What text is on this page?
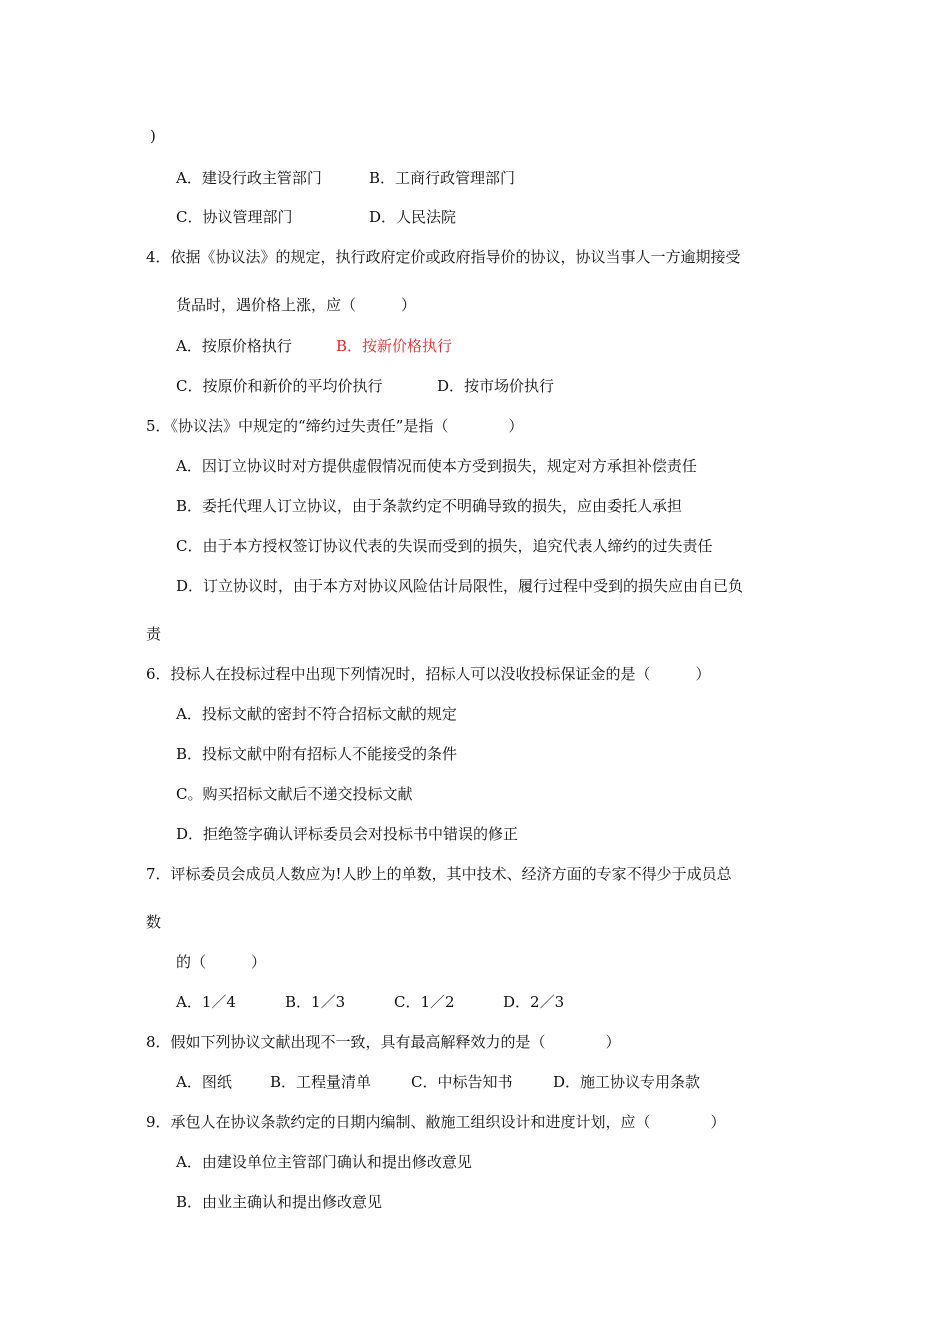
)
A．建设行政主管部门	B．工商行政管理部门
C．协议管理部门	D．人民法院
4．依据《协议法》的规定，执行政府定价或政府指导价的协议，协议当事人一方逾期接受
货品时，遇价格上涨，应（　　　）
A．按原价格执行	B．按新价格执行
C．按原价和新价的平均价执行	D．按市场价执行
5．《协议法》中规定的“缔约过失责任”是指（　　　　）
A．因订立协议时对方提供虚假情况而使本方受到损失，规定对方承担补偿责任
B．委托代理人订立协议，由于条款约定不明确导致的损失，应由委托人承担
C．由于本方授权签订协议代表的失误而受到的损失，追究代表人缔约的过失责任
D．订立协议时，由于本方对协议风险估计局限性，履行过程中受到的损失应由自已负
责
6．投标人在投标过程中出现下列情况时，招标人可以没收投标保证金的是（　　　）
A．投标文献的密封不符合招标文献的规定
B．投标文献中附有招标人不能接受的条件
C。购买招标文献后不递交投标文献
D．拒绝签字确认评标委员会对投标书中错误的修正
7．评标委员会成员人数应为!人眇上的单数，其中技术、经济方面的专家不得少于成员总
数
的（　　　）
A．1／4	B．1／3	C．1／2	D．2／3
8．假如下列协议文献出现不一致，具有最高解释效力的是（　　　　）
A．图纸	B．工程量清单	C．中标告知书	D．施工协议专用条款
9．承包人在协议条款约定的日期内编制、敝施工组织设计和进度计划，应（　　　　）
A．由建设单位主管部门确认和提出修改意见
B．由业主确认和提出修改意见
